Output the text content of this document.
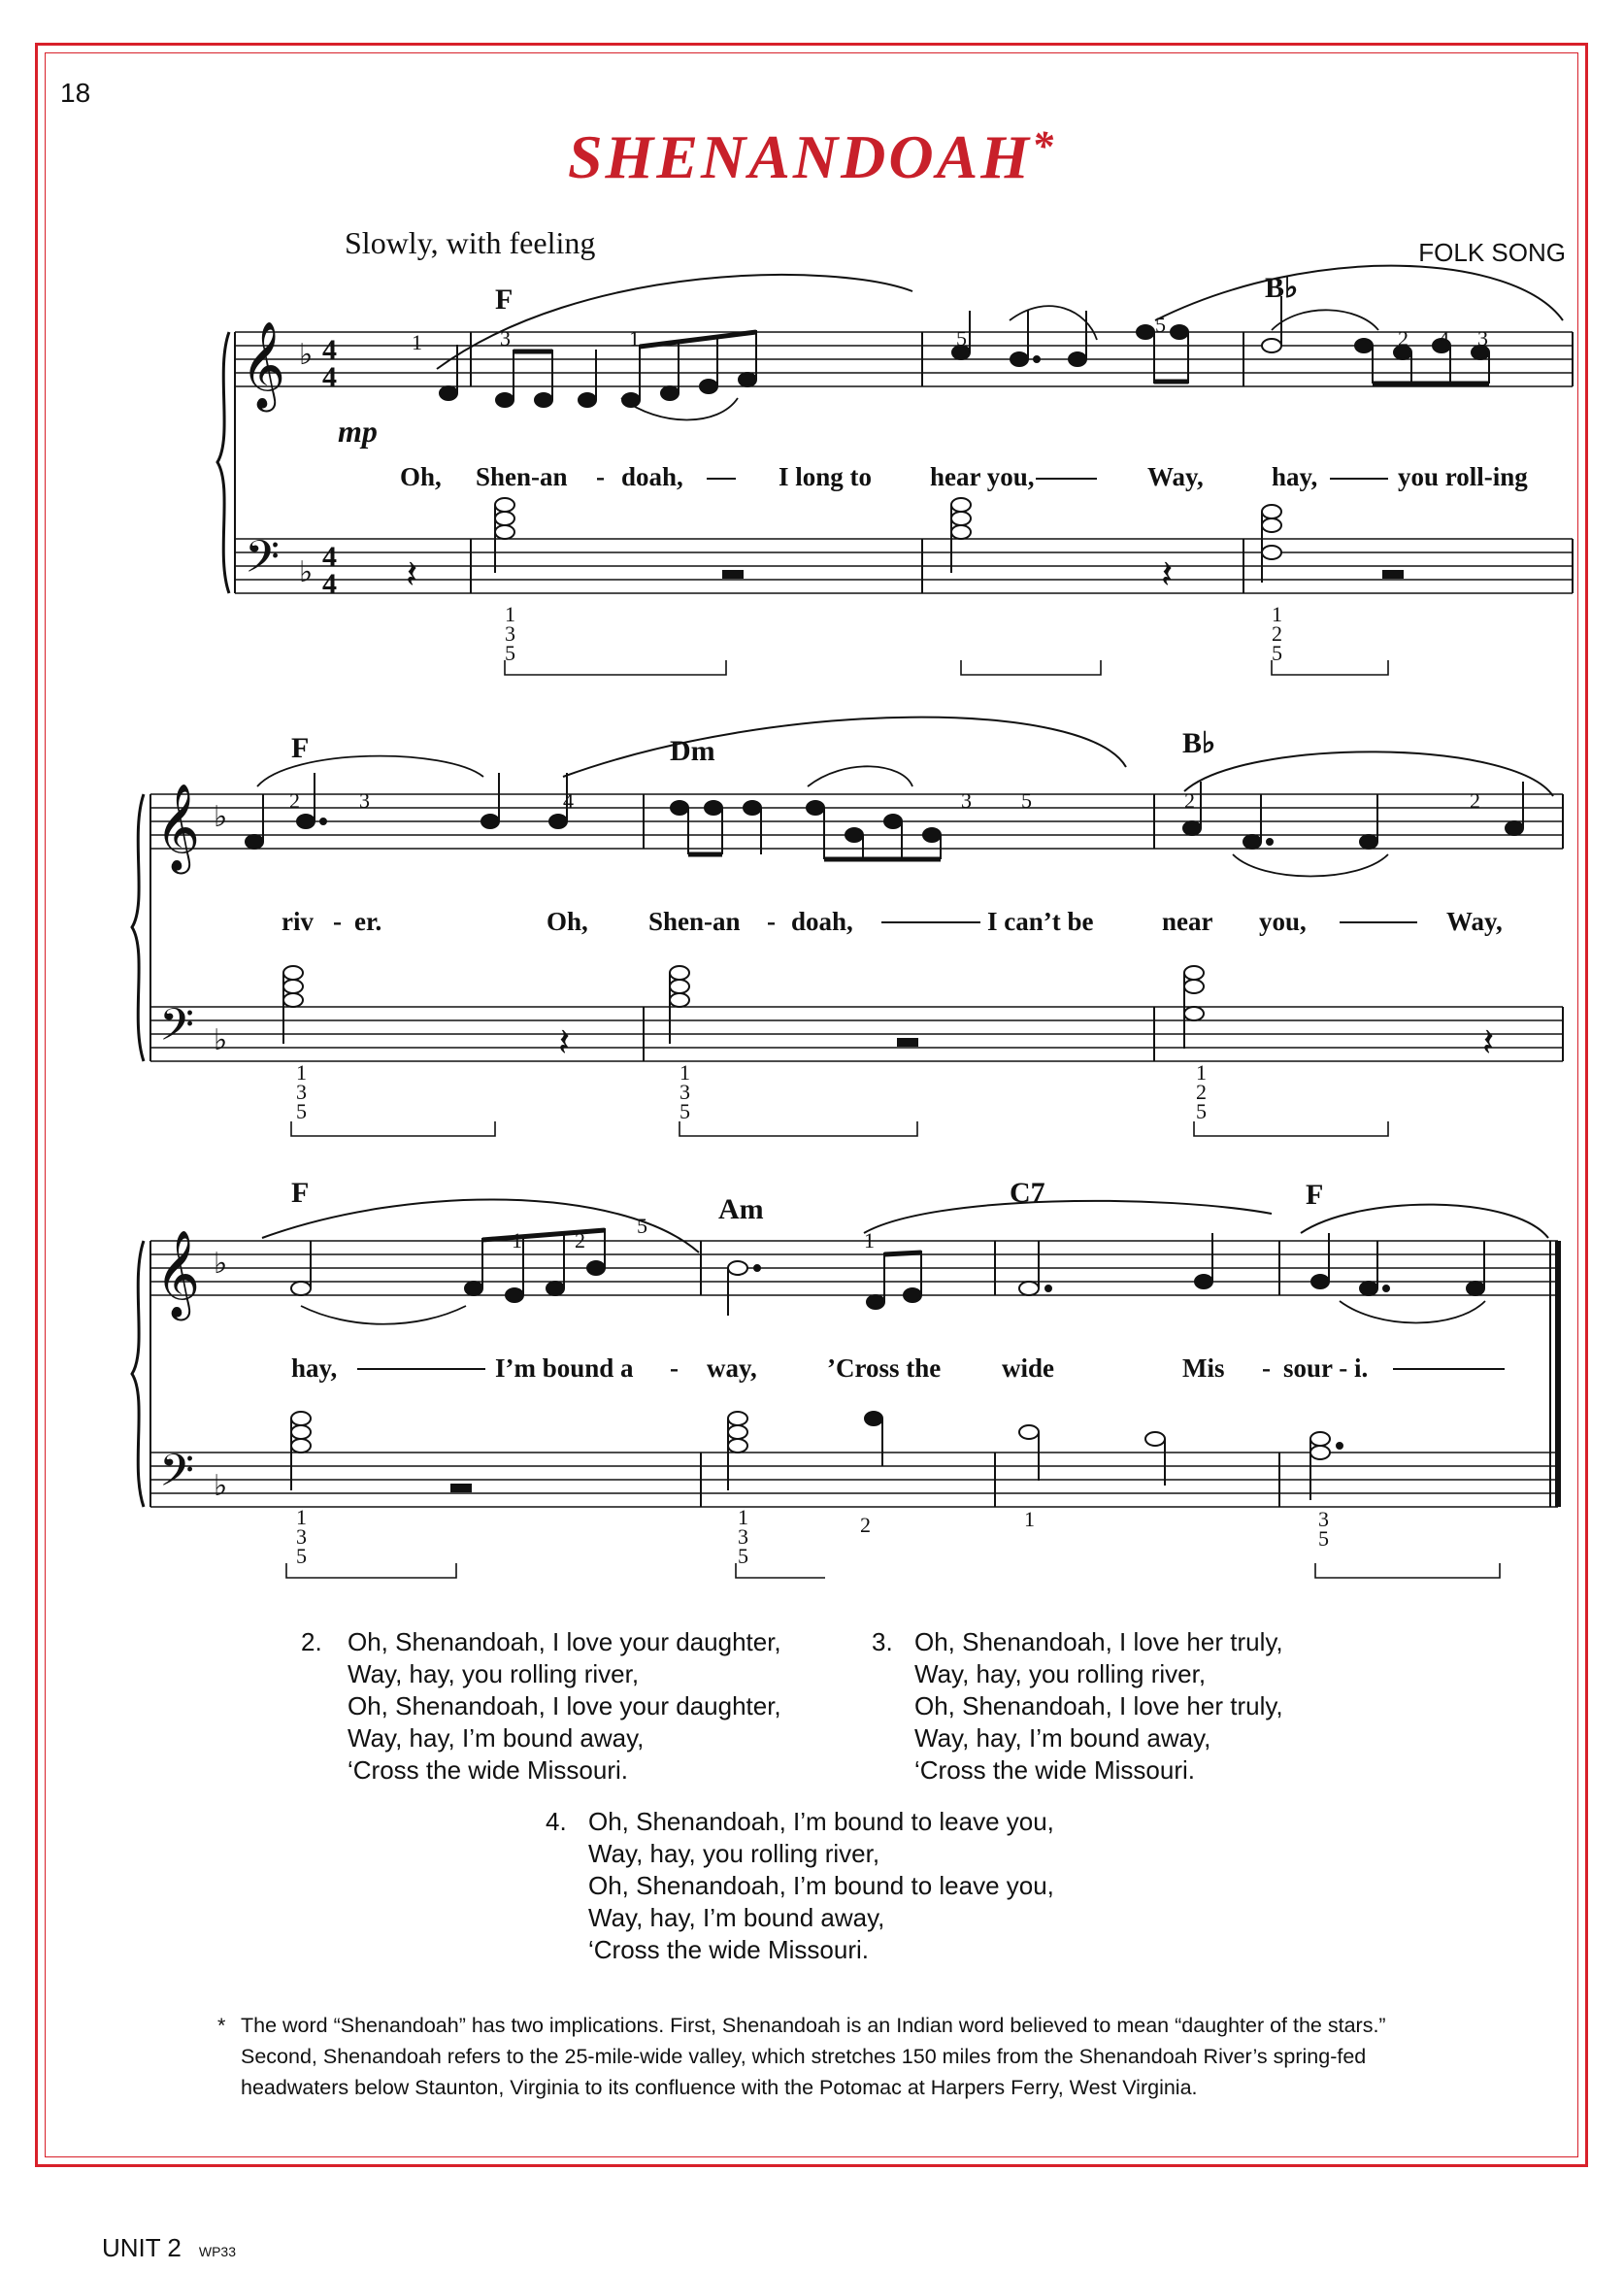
18
SHENANDOAH*
Slowly, with feeling	FOLK SONG
𝄞
𝄢
♭
♭
4
4
4
4
𝄞
𝄢
♭
♭
𝄞
𝄢
♭
♭
𝄽	𝄽
𝄽	𝄽
mp
F	B♭
F	Dm	B♭
F
Am
C7	F
1	3	1	5
5
2 4 3
2	3	4	3 5	2	2
1 2
5
1
1 3 5
1 2 5
1 3 5
1 3 5
1 2 5
1 3 5
1 3 5
2	1	3 5
Oh, Shen-an - doah,	I long to hear you,	Way,	hay,	you roll-ing
riv - er.	Oh, Shen-an - doah,	I can’t be	near you,	Way,
hay,	I’m bound a - way,	’Cross the wide	Mis - sour - i.

2.

Oh, Shenandoah, I love your daughter,

Way, hay, you rolling river,

Oh, Shenandoah, I love your daughter,

Way, hay, I’m bound away,

‘Cross the wide Missouri.

3.

Oh, Shenandoah, I love her truly,

Way, hay, you rolling river,

Oh, Shenandoah, I love her truly,

Way, hay, I’m bound away,

‘Cross the wide Missouri.

4.

Oh, Shenandoah, I’m bound to leave you,

Way, hay, you rolling river,

Oh, Shenandoah, I’m bound to leave you,

Way, hay, I’m bound away,

‘Cross the wide Missouri.

* The word “Shenandoah” has two implications. First, Shenandoah is an Indian word believed to mean “daughter of the stars.” Second, Shenandoah refers to the 25-mile-wide valley, which stretches 150 miles from the Shenandoah River’s spring-fed headwaters below Staunton, Virginia to its confluence with the Potomac at Harpers Ferry, West Virginia.
UNIT 2 WP33
